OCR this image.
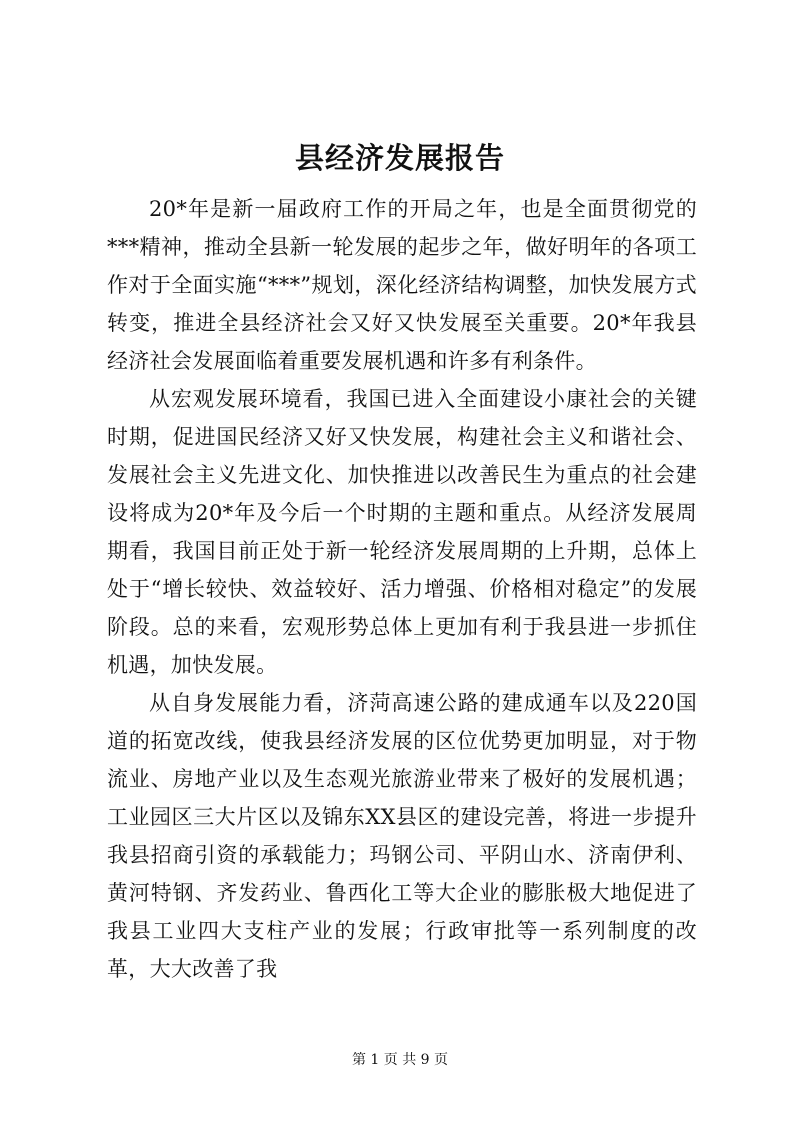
县经济发展报告

20*年是新一届政府工作的开局之年，也是全面贯彻党的***精神，推动全县新一轮发展的起步之年，做好明年的各项工作对于全面实施“***”规划，深化经济结构调整，加快发展方式转变，推进全县经济社会又好又快发展至关重要。20*年我县经济社会发展面临着重要发展机遇和许多有利条件。

从宏观发展环境看，我国已进入全面建设小康社会的关键时期，促进国民经济又好又快发展，构建社会主义和谐社会、发展社会主义先进文化、加快推进以改善民生为重点的社会建设将成为20*年及今后一个时期的主题和重点。从经济发展周期看，我国目前正处于新一轮经济发展周期的上升期，总体上处于“增长较快、效益较好、活力增强、价格相对稳定”的发展阶段。总的来看，宏观形势总体上更加有利于我县进一步抓住机遇，加快发展。

从自身发展能力看，济菏高速公路的建成通车以及220国道的拓宽改线，使我县经济发展的区位优势更加明显，对于物流业、房地产业以及生态观光旅游业带来了极好的发展机遇；工业园区三大片区以及锦东XX县区的建设完善，将进一步提升我县招商引资的承载能力；玛钢公司、平阴山水、济南伊利、黄河特钢、齐发药业、鲁西化工等大企业的膨胀极大地促进了我县工业四大支柱产业的发展；行政审批等一系列制度的改革，大大改善了我

第 1 页 共 9 页
